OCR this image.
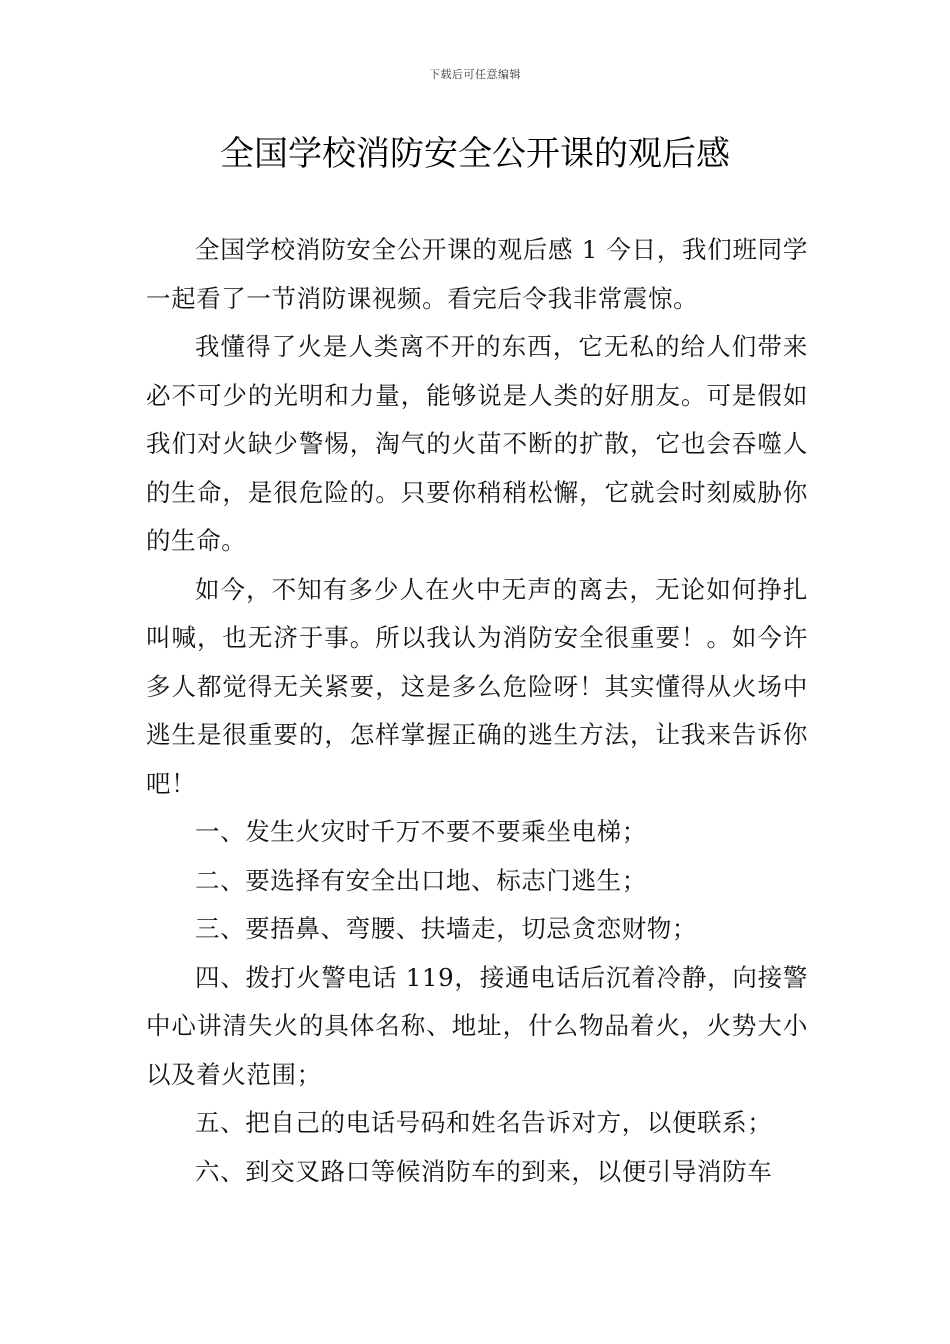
下载后可任意编辑
全国学校消防安全公开课的观后感

全国学校消防安全公开课的观后感 1 今日，我们班同学一起看了一节消防课视频。看完后令我非常震惊。

我懂得了火是人类离不开的东西，它无私的给人们带来必不可少的光明和力量，能够说是人类的好朋友。可是假如我们对火缺少警惕，淘气的火苗不断的扩散，它也会吞噬人的生命，是很危险的。只要你稍稍松懈，它就会时刻威胁你的生命。

如今，不知有多少人在火中无声的离去，无论如何挣扎叫喊，也无济于事。所以我认为消防安全很重要！。如今许多人都觉得无关紧要，这是多么危险呀！其实懂得从火场中逃生是很重要的，怎样掌握正确的逃生方法，让我来告诉你吧！

一、发生火灾时千万不要不要乘坐电梯；

二、要选择有安全出口地、标志门逃生；

三、要捂鼻、弯腰、扶墙走，切忌贪恋财物；

四、拨打火警电话 119，接通电话后沉着冷静，向接警中心讲清失火的具体名称、地址，什么物品着火，火势大小以及着火范围；

五、把自己的电话号码和姓名告诉对方，以便联系；

六、到交叉路口等候消防车的到来，以便引导消防车
